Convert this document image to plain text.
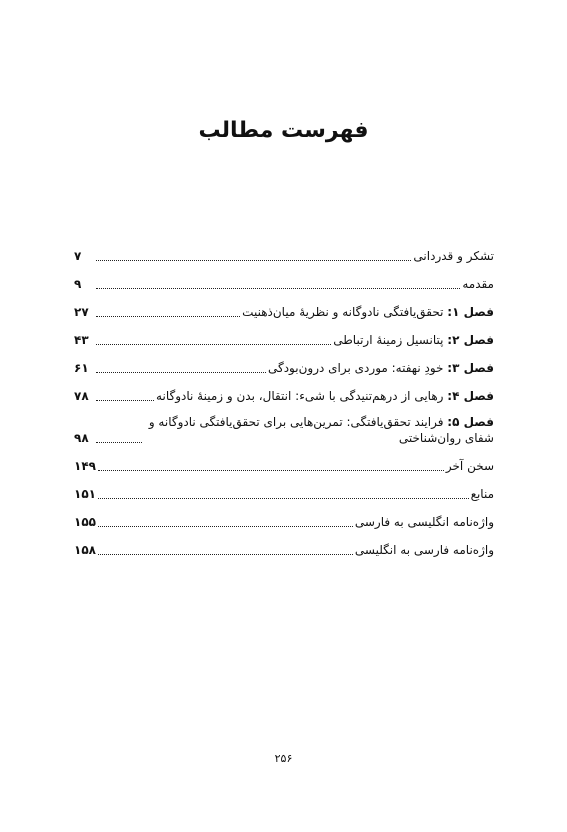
فهرست مطالب
تشکر و قدردانی
۷
مقدمه
۹
فصل ۱: تحقق‌یافتگی نادوگانه و نظریهٔ میان‌ذهنیت
۲۷
فصل ۲: پتانسیل زمینهٔ ارتباطی
۴۳
فصل ۳: خودِ نهفته: موردی برای درون‌بودگی
۶۱
فصل ۴: رهایی از درهم‌تنیدگی با شیء: انتقال، بدن و زمینهٔ نادوگانه
۷۸
فصل ۵: فرایند تحقق‌یافتگی: تمرین‌هایی برای تحقق‌یافتگی نادوگانه و شفای روان‌شناختی
۹۸
سخن آخر
۱۴۹
منابع
۱۵۱
واژه‌نامه انگلیسی به فارسی
۱۵۵
واژه‌نامه فارسی به انگلیسی
۱۵۸
۲۵۶
